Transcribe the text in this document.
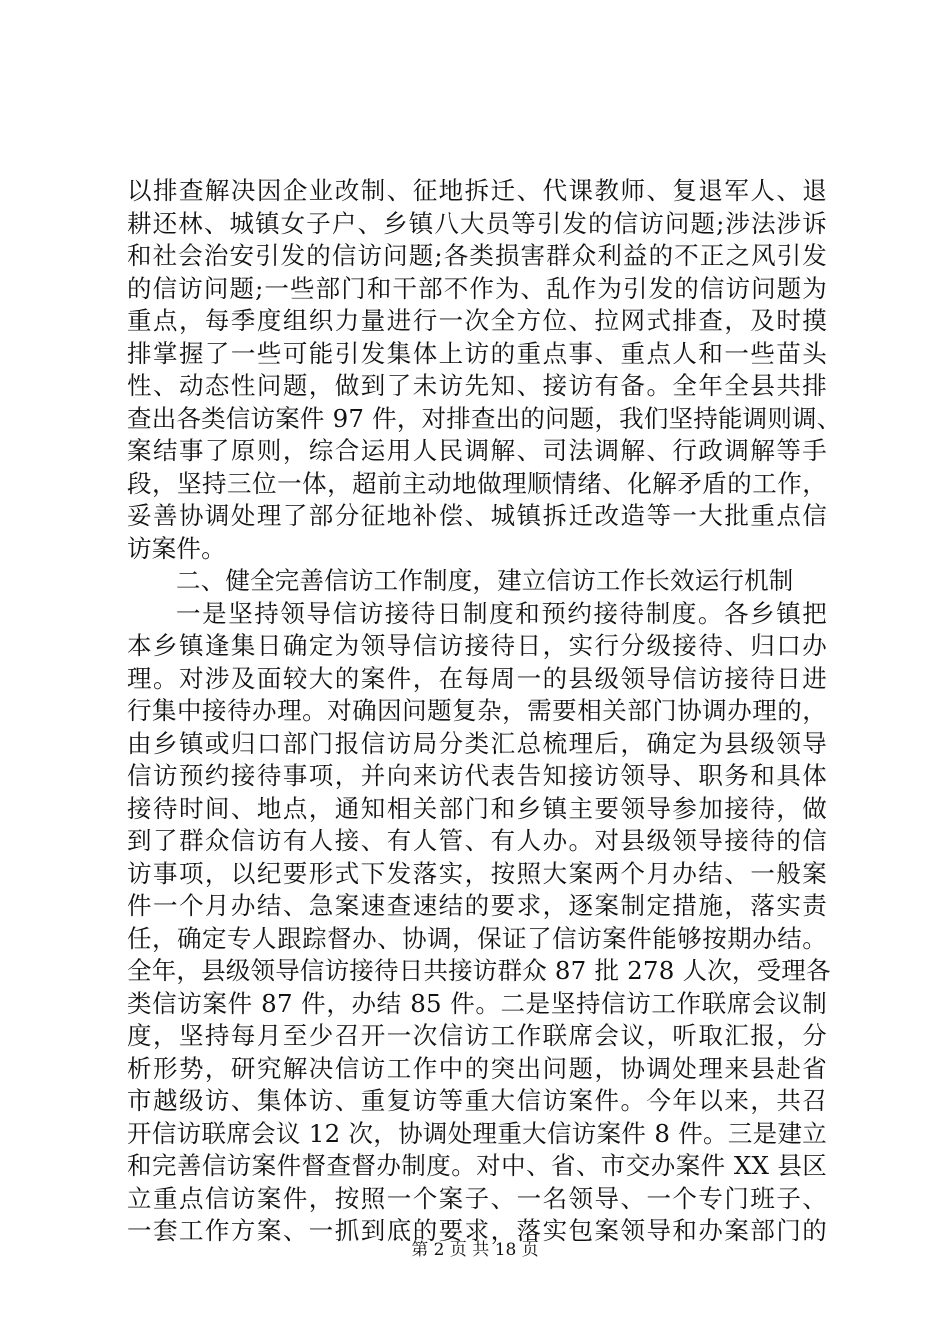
以排查解决因企业改制、征地拆迁、代课教师、复退军人、退
耕还林、城镇女子户、乡镇八大员等引发的信访问题;涉法涉诉
和社会治安引发的信访问题;各类损害群众利益的不正之风引发
的信访问题;一些部门和干部不作为、乱作为引发的信访问题为
重点，每季度组织力量进行一次全方位、拉网式排查，及时摸
排掌握了一些可能引发集体上访的重点事、重点人和一些苗头
性、动态性问题，做到了未访先知、接访有备。全年全县共排
查出各类信访案件 97 件，对排查出的问题，我们坚持能调则调、
案结事了原则，综合运用人民调解、司法调解、行政调解等手
段，坚持三位一体，超前主动地做理顺情绪、化解矛盾的工作，
妥善协调处理了部分征地补偿、城镇拆迁改造等一大批重点信
访案件。
二、健全完善信访工作制度，建立信访工作长效运行机制
一是坚持领导信访接待日制度和预约接待制度。各乡镇把
本乡镇逢集日确定为领导信访接待日，实行分级接待、归口办
理。对涉及面较大的案件，在每周一的县级领导信访接待日进
行集中接待办理。对确因问题复杂，需要相关部门协调办理的，
由乡镇或归口部门报信访局分类汇总梳理后，确定为县级领导
信访预约接待事项，并向来访代表告知接访领导、职务和具体
接待时间、地点，通知相关部门和乡镇主要领导参加接待，做
到了群众信访有人接、有人管、有人办。对县级领导接待的信
访事项，以纪要形式下发落实，按照大案两个月办结、一般案
件一个月办结、急案速查速结的要求，逐案制定措施，落实责
任，确定专人跟踪督办、协调，保证了信访案件能够按期办结。
全年，县级领导信访接待日共接访群众 87 批 278 人次，受理各
类信访案件 87 件，办结 85 件。二是坚持信访工作联席会议制
度，坚持每月至少召开一次信访工作联席会议，听取汇报，分
析形势，研究解决信访工作中的突出问题，协调处理来县赴省
市越级访、集体访、重复访等重大信访案件。今年以来，共召
开信访联席会议 12 次，协调处理重大信访案件 8 件。三是建立
和完善信访案件督查督办制度。对中、省、市交办案件 XX 县区
立重点信访案件，按照一个案子、一名领导、一个专门班子、
一套工作方案、一抓到底的要求，落实包案领导和办案部门的
第 2 页 共 18 页
